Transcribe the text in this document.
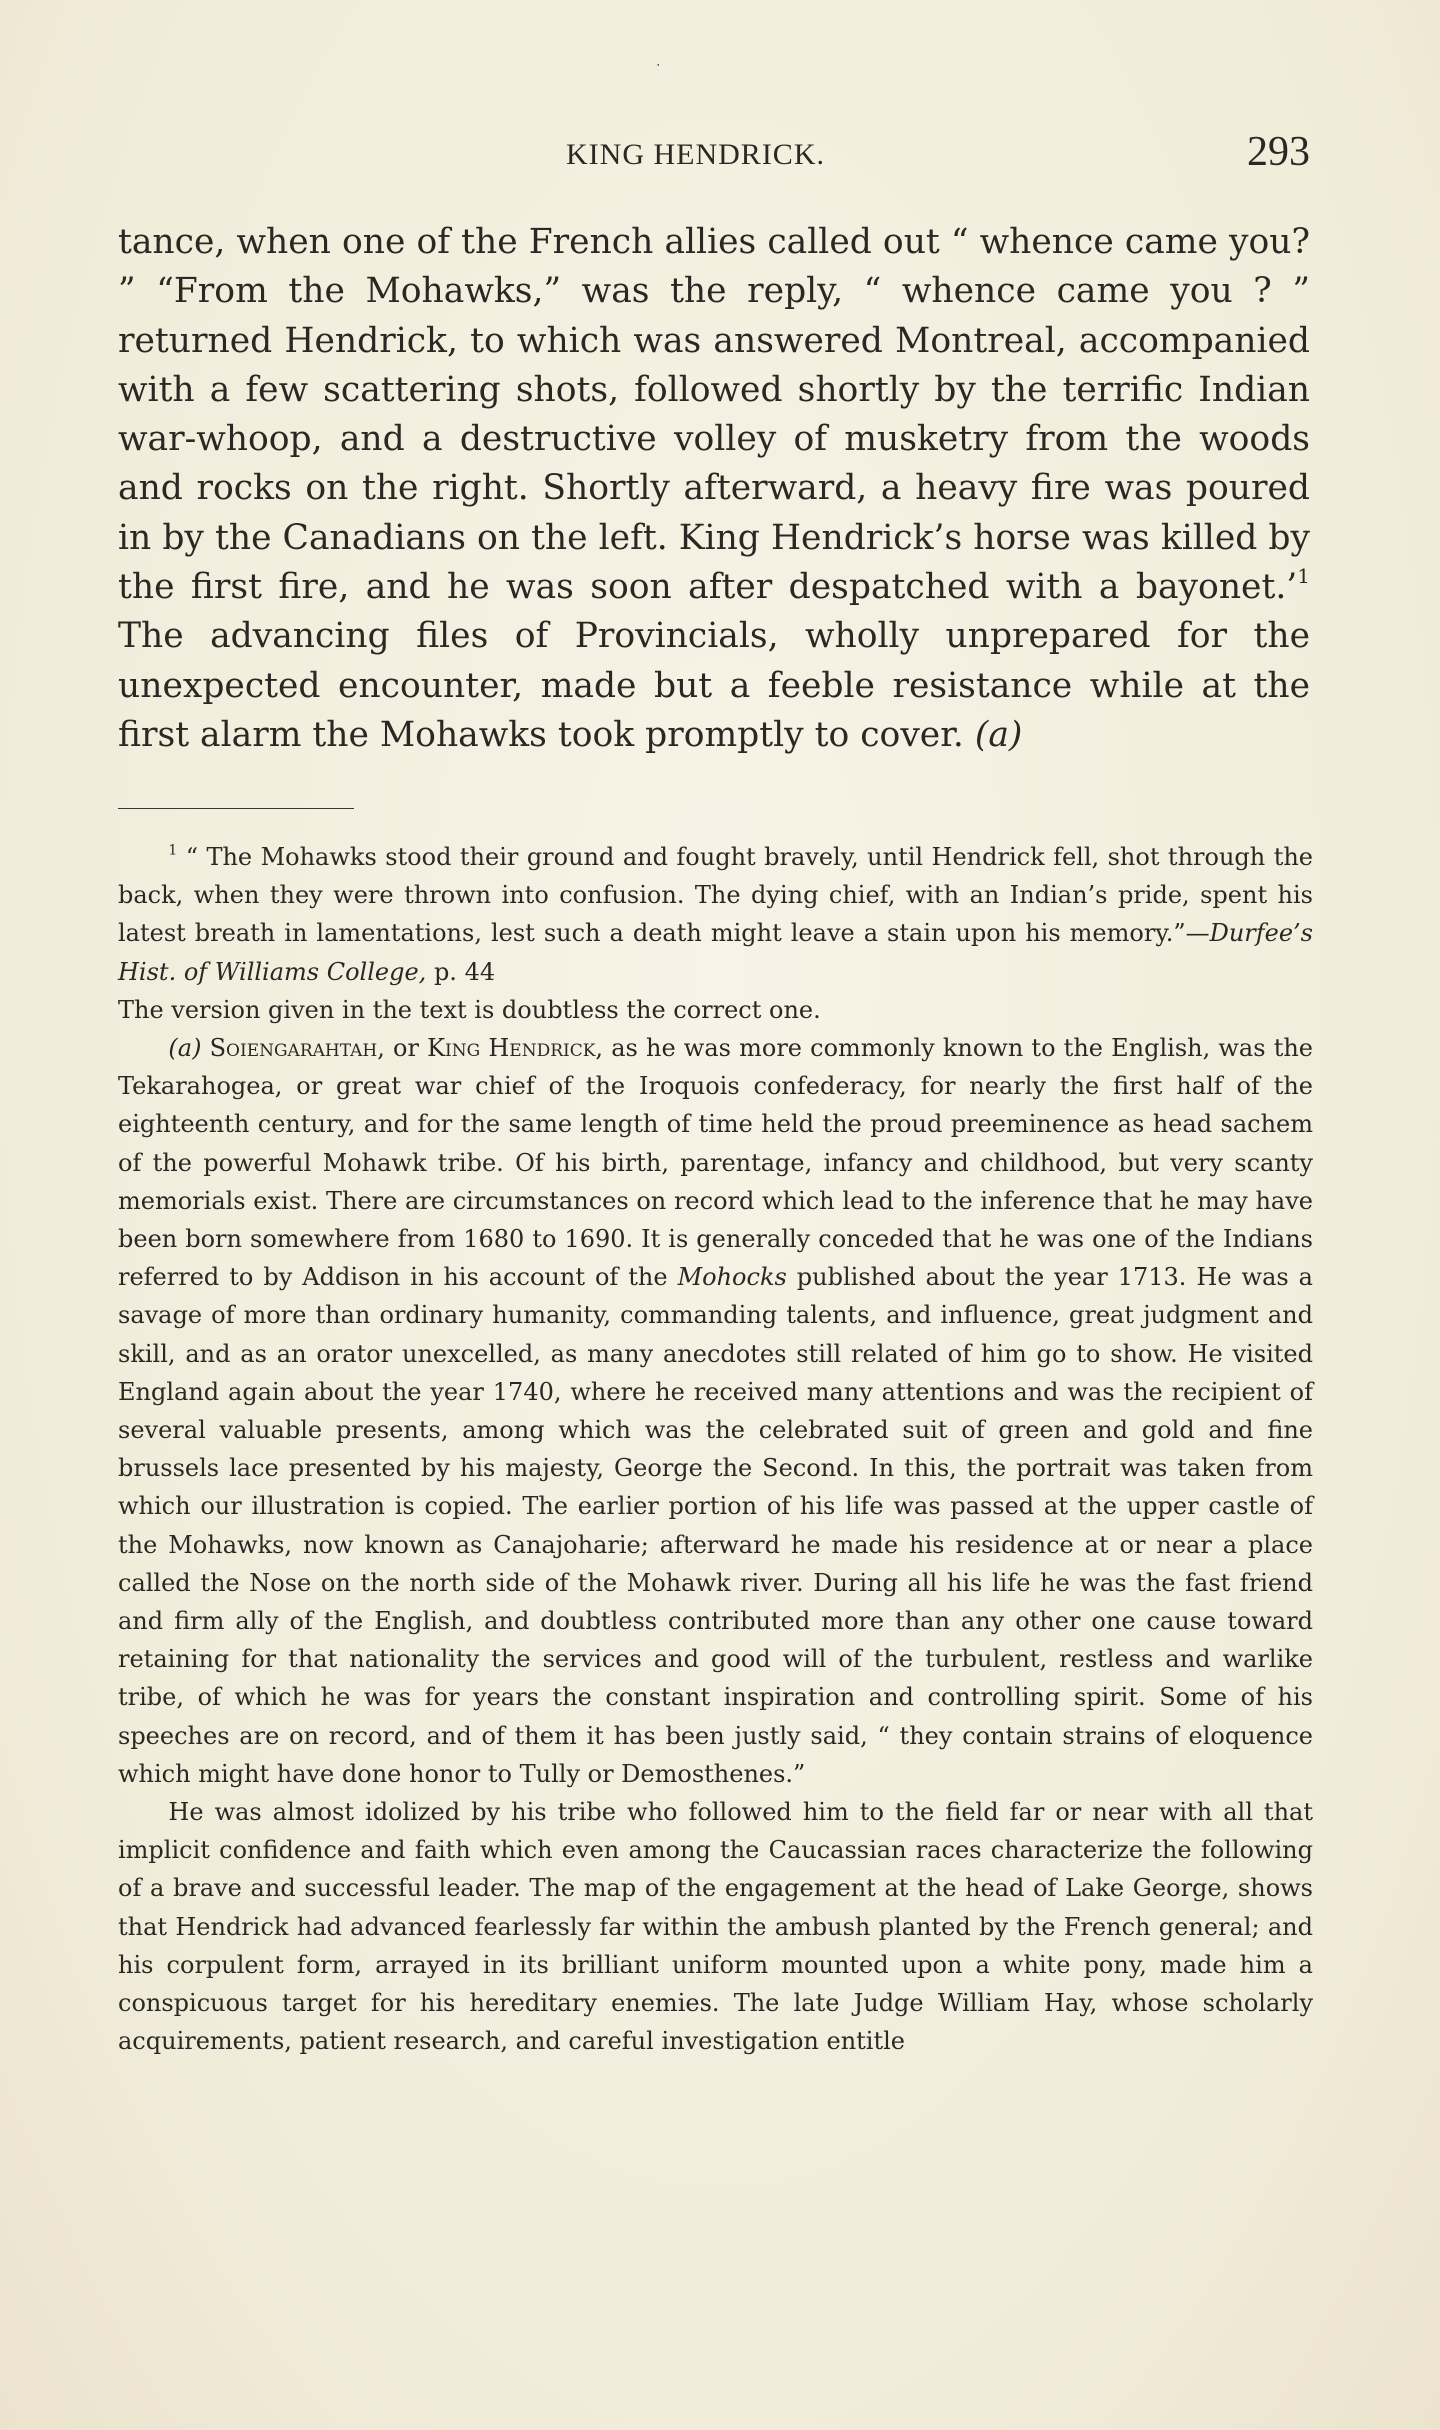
‧
KING HENDRICK.	293

tance, when one of the French allies called out “ whence came you? ” “From the Mohawks,” was the reply, “ whence came you ? ” returned Hendrick, to which was answered Montreal, accompanied with a few scattering shots, followed shortly by the terrific Indian war-whoop, and a destructive volley of musketry from the woods and rocks on the right. Shortly afterward, a heavy fire was poured in by the Canadians on the left. King Hendrick’s horse was killed by the first fire, and he was soon after despatched with a bayonet.’$^1$ The advancing files of Provincials, wholly unprepared for the unexpected encounter, made but a feeble resistance while at the first alarm the Mohawks took promptly to cover. (a)

$^1$ “ The Mohawks stood their ground and fought bravely, until Hendrick fell, shot through the back, when they were thrown into confusion. The dying chief, with an Indian’s pride, spent his latest breath in lamentations, lest such a death might leave a stain upon his memory.”—Durfee’s Hist. of Williams College, p. 44
The version given in the text is doubtless the correct one.

(a) Soiengarahtah, or King Hendrick, as he was more commonly known to the English, was the Tekarahogea, or great war chief of the Iroquois confederacy, for nearly the first half of the eighteenth century, and for the same length of time held the proud preeminence as head sachem of the powerful Mohawk tribe. Of his birth, parentage, infancy and childhood, but very scanty memorials exist. There are circumstances on record which lead to the inference that he may have been born somewhere from 1680 to 1690. It is generally conceded that he was one of the Indians referred to by Addison in his account of the Mohocks published about the year 1713. He was a savage of more than ordinary humanity, commanding talents, and influence, great judgment and skill, and as an orator unexcelled, as many anecdotes still related of him go to show. He visited England again about the year 1740, where he received many attentions and was the recipient of several valuable presents, among which was the celebrated suit of green and gold and fine brussels lace presented by his majesty, George the Second. In this, the portrait was taken from which our illustration is copied. The earlier portion of his life was passed at the upper castle of the Mohawks, now known as Canajoharie; afterward he made his residence at or near a place called the Nose on the north side of the Mohawk river. During all his life he was the fast friend and firm ally of the English, and doubtless contributed more than any other one cause toward retaining for that nationality the services and good will of the turbulent, restless and warlike tribe, of which he was for years the constant inspiration and controlling spirit. Some of his speeches are on record, and of them it has been justly said, “ they contain strains of eloquence which might have done honor to Tully or Demosthenes.”

He was almost idolized by his tribe who followed him to the field far or near with all that implicit confidence and faith which even among the Caucassian races characterize the following of a brave and successful leader. The map of the engagement at the head of Lake George, shows that Hendrick had advanced fearlessly far within the ambush planted by the French general; and his corpulent form, arrayed in its brilliant uniform mounted upon a white pony, made him a conspicuous target for his hereditary enemies. The late Judge William Hay, whose scholarly acquirements, patient research, and careful investigation entitle
